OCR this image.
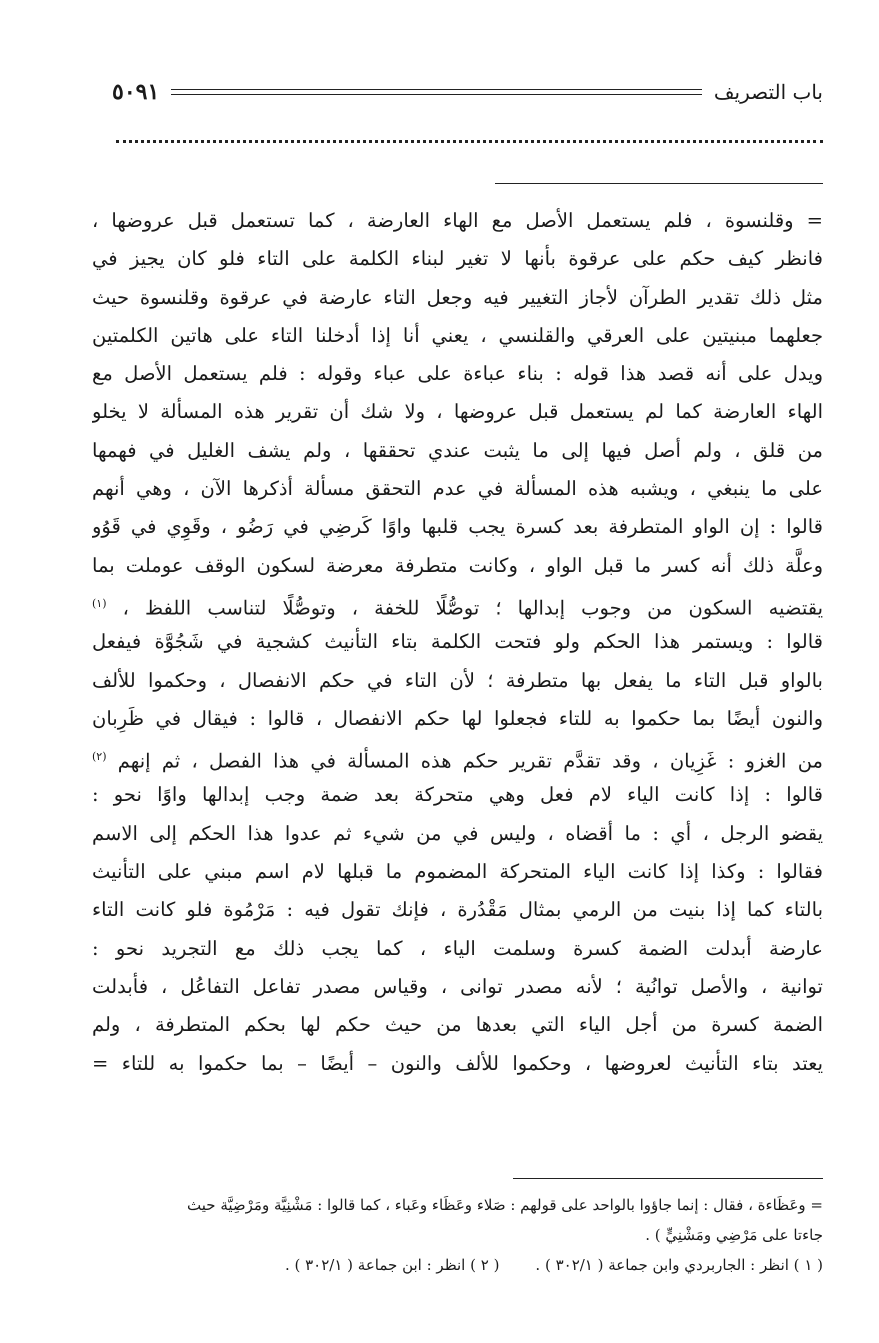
باب التصريف
٥٠٩١
= وقلنسوة ، فلم يستعمل الأصل مع الهاء العارضة ، كما تستعمل قبل عروضها ،
فانظر كيف حكم على عرقوة بأنها لا تغير لبناء الكلمة على التاء فلو كان يجيز في
مثل ذلك تقدير الطرآن لأجاز التغيير فيه وجعل التاء عارضة في عرقوة وقلنسوة حيث
جعلهما مبنيتين على العرقي والقلنسي ، يعني أنا إذا أدخلنا التاء على هاتين الكلمتين
ويدل على أنه قصد هذا قوله : بناء عباءة على عباء وقوله : فلم يستعمل الأصل مع
الهاء العارضة كما لم يستعمل قبل عروضها ، ولا شك أن تقرير هذه المسألة لا يخلو
من قلق ، ولم أصل فيها إلى ما يثبت عندي تحققها ، ولم يشف الغليل في فهمها
على ما ينبغي ، ويشبه هذه المسألة في عدم التحقق مسألة أذكرها الآن ، وهي أنهم
قالوا : إن الواو المتطرفة بعد كسرة يجب قلبها واوًا كَرضِي في رَضُو ، وقَوِي في قَوُو
وعلَّة ذلك أنه كسر ما قبل الواو ، وكانت متطرفة معرضة لسكون الوقف عوملت بما
يقتضيه السكون من وجوب إبدالها ؛ توصُّلًا للخفة ، وتوصُّلًا لتناسب اللفظ ، $^{(١)}$
قالوا : ويستمر هذا الحكم ولو فتحت الكلمة بتاء التأنيث كشجية في شَجُوَّة فيفعل
بالواو قبل التاء ما يفعل بها متطرفة ؛ لأن التاء في حكم الانفصال ، وحكموا للألف
والنون أيضًا بما حكموا به للتاء فجعلوا لها حكم الانفصال ، قالوا : فيقال في ظَرِبان
من الغزو : غَزِيان ، وقد تقدَّم تقرير حكم هذه المسألة في هذا الفصل ، ثم إنهم $^{(٢)}$
قالوا : إذا كانت الياء لام فعل وهي متحركة بعد ضمة وجب إبدالها واوًا نحو :
يقضو الرجل ، أي : ما أقضاه ، وليس في من شيء ثم عدوا هذا الحكم إلى الاسم
فقالوا : وكذا إذا كانت الياء المتحركة المضموم ما قبلها لام اسم مبني على التأنيث
بالتاء كما إذا بنيت من الرمي بمثال مَقْدُرة ، فإنك تقول فيه : مَرْمُوة فلو كانت التاء
عارضة أبدلت الضمة كسرة وسلمت الياء ، كما يجب ذلك مع التجريد نحو :
توانية ، والأصل توانُية ؛ لأنه مصدر توانى ، وقياس مصدر تفاعل التفاعُل ، فأبدلت
الضمة كسرة من أجل الياء التي بعدها من حيث حكم لها بحكم المتطرفة ، ولم
يعتد بتاء التأنيث لعروضها ، وحكموا للألف والنون – أيضًا – بما حكموا به للتاء =
= وعَظَاءة ، فقال : إنما جاؤوا بالواحد على قولهم : صَلاء وعَظَاء وعَباء ، كما قالوا : مَشْنِيَّة ومَرْضِيَّة حيث
جاءتا على مَرْضِي ومَشْنِيٍّ ) .
( ١ ) انظر : الجاربردي وابن جماعة ( ٣٠٢/١ ) .
( ٢ ) انظر : ابن جماعة ( ٣٠٢/١ ) .
